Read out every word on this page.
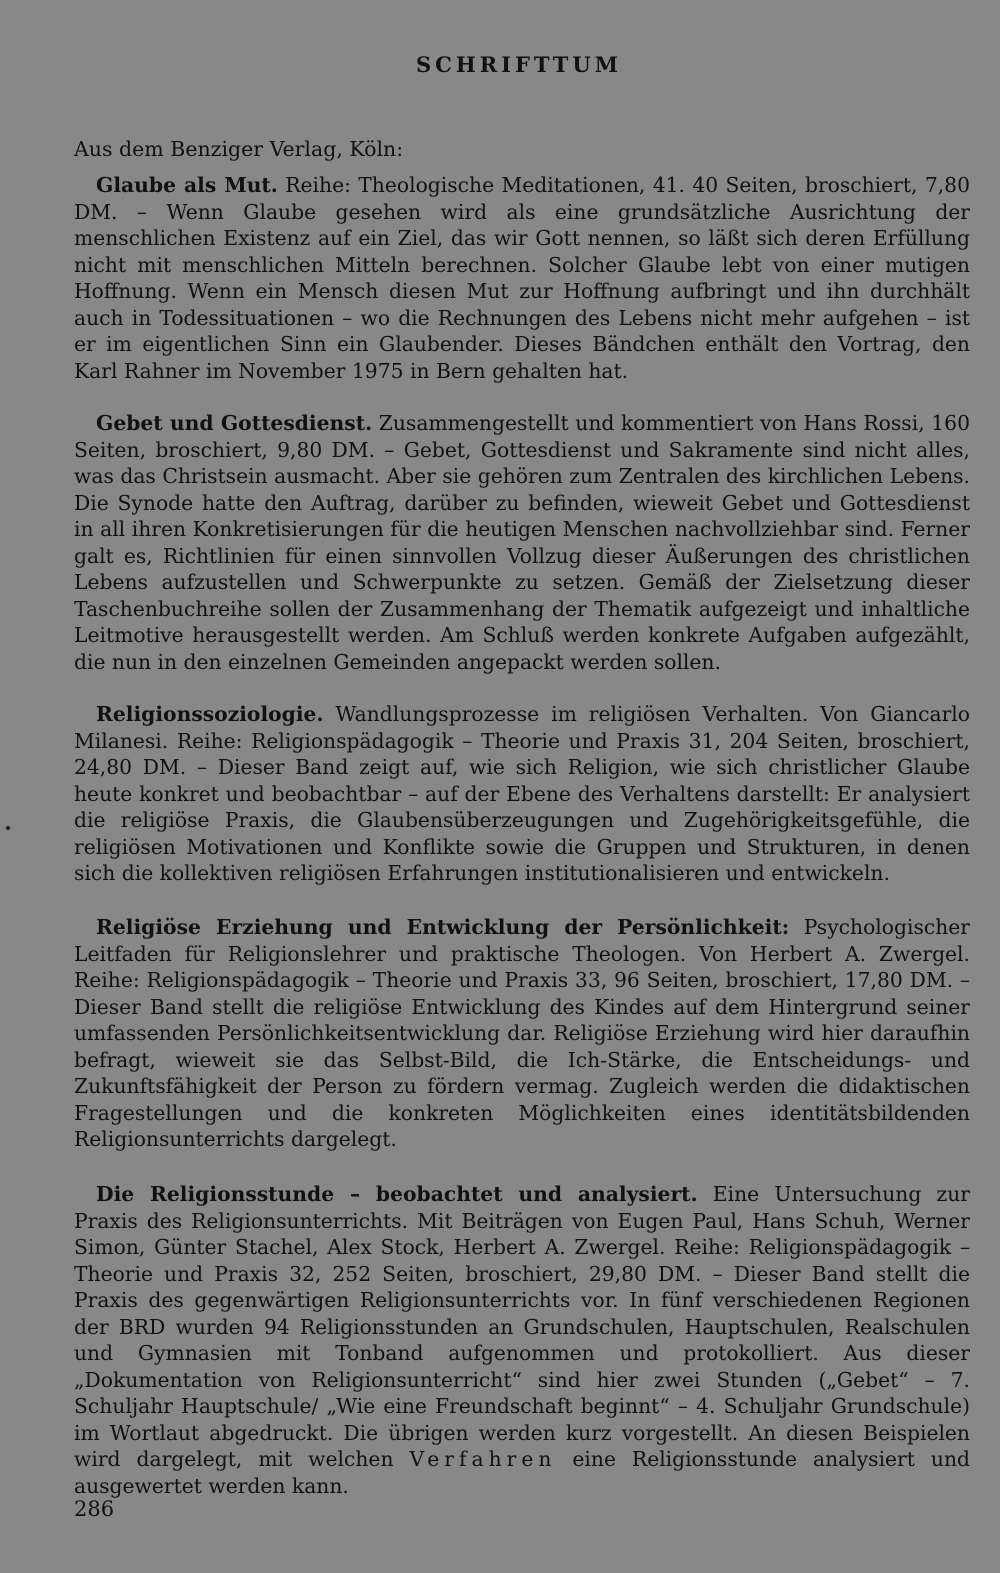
SCHRIFTTUM
Aus dem Benziger Verlag, Köln:

Glaube als Mut. Reihe: Theologische Meditationen, 41. 40 Seiten, broschiert, 7,80 DM. – Wenn Glaube gesehen wird als eine grundsätzliche Ausrichtung der menschlichen Existenz auf ein Ziel, das wir Gott nennen, so läßt sich deren Erfüllung nicht mit menschlichen Mitteln berechnen. Solcher Glaube lebt von einer mutigen Hoffnung. Wenn ein Mensch diesen Mut zur Hoffnung aufbringt und ihn durchhält auch in Todessituationen – wo die Rechnungen des Lebens nicht mehr aufgehen – ist er im eigentlichen Sinn ein Glaubender. Dieses Bändchen enthält den Vortrag, den Karl Rahner im November 1975 in Bern gehalten hat.

Gebet und Gottesdienst. Zusammengestellt und kommentiert von Hans Rossi, 160 Seiten, broschiert, 9,80 DM. – Gebet, Gottesdienst und Sakramente sind nicht alles, was das Christsein ausmacht. Aber sie gehören zum Zentralen des kirchlichen Lebens. Die Synode hatte den Auftrag, darüber zu befinden, wieweit Gebet und Gottesdienst in all ihren Konkretisierungen für die heutigen Menschen nachvollziehbar sind. Ferner galt es, Richtlinien für einen sinnvollen Vollzug dieser Äußerungen des christlichen Lebens aufzustellen und Schwerpunkte zu setzen. Gemäß der Zielsetzung dieser Taschenbuchreihe sollen der Zusammenhang der Thematik aufgezeigt und inhaltliche Leitmotive herausgestellt werden. Am Schluß werden konkrete Aufgaben aufgezählt, die nun in den einzelnen Gemeinden angepackt werden sollen.

Religionssoziologie. Wandlungsprozesse im religiösen Verhalten. Von Giancarlo Milanesi. Reihe: Religionspädagogik – Theorie und Praxis 31, 204 Seiten, broschiert, 24,80 DM. – Dieser Band zeigt auf, wie sich Religion, wie sich christlicher Glaube heute konkret und beobachtbar – auf der Ebene des Verhaltens darstellt: Er analysiert die religiöse Praxis, die Glaubensüberzeugungen und Zugehörigkeitsgefühle, die religiösen Motivationen und Konflikte sowie die Gruppen und Strukturen, in denen sich die kollektiven religiösen Erfahrungen institutionalisieren und entwickeln.

Religiöse Erziehung und Entwicklung der Persönlichkeit: Psychologischer Leitfaden für Religionslehrer und praktische Theologen. Von Herbert A. Zwergel. Reihe: Religionspädagogik – Theorie und Praxis 33, 96 Seiten, broschiert, 17,80 DM. – Dieser Band stellt die religiöse Entwicklung des Kindes auf dem Hintergrund seiner umfassenden Persönlichkeitsentwicklung dar. Religiöse Erziehung wird hier daraufhin befragt, wieweit sie das Selbst-Bild, die Ich-Stärke, die Entscheidungs- und Zukunftsfähigkeit der Person zu fördern vermag. Zugleich werden die didaktischen Fragestellungen und die konkreten Möglichkeiten eines identitätsbildenden Religionsunterrichts dargelegt.

Die Religionsstunde – beobachtet und analysiert. Eine Untersuchung zur Praxis des Religionsunterrichts. Mit Beiträgen von Eugen Paul, Hans Schuh, Werner Simon, Günter Stachel, Alex Stock, Herbert A. Zwergel. Reihe: Religionspädagogik – Theorie und Praxis 32, 252 Seiten, broschiert, 29,80 DM. – Dieser Band stellt die Praxis des gegenwärtigen Religionsunterrichts vor. In fünf verschiedenen Regionen der BRD wurden 94 Religionsstunden an Grundschulen, Hauptschulen, Realschulen und Gymnasien mit Tonband aufgenommen und protokolliert. Aus dieser „Dokumentation von Religionsunterricht“ sind hier zwei Stunden („Gebet“ – 7. Schuljahr Hauptschule/ „Wie eine Freundschaft beginnt“ – 4. Schuljahr Grundschule) im Wortlaut abgedruckt. Die übrigen werden kurz vorgestellt. An diesen Beispielen wird dargelegt, mit welchen Verfahren eine Religionsstunde analysiert und ausgewertet werden kann.

286
